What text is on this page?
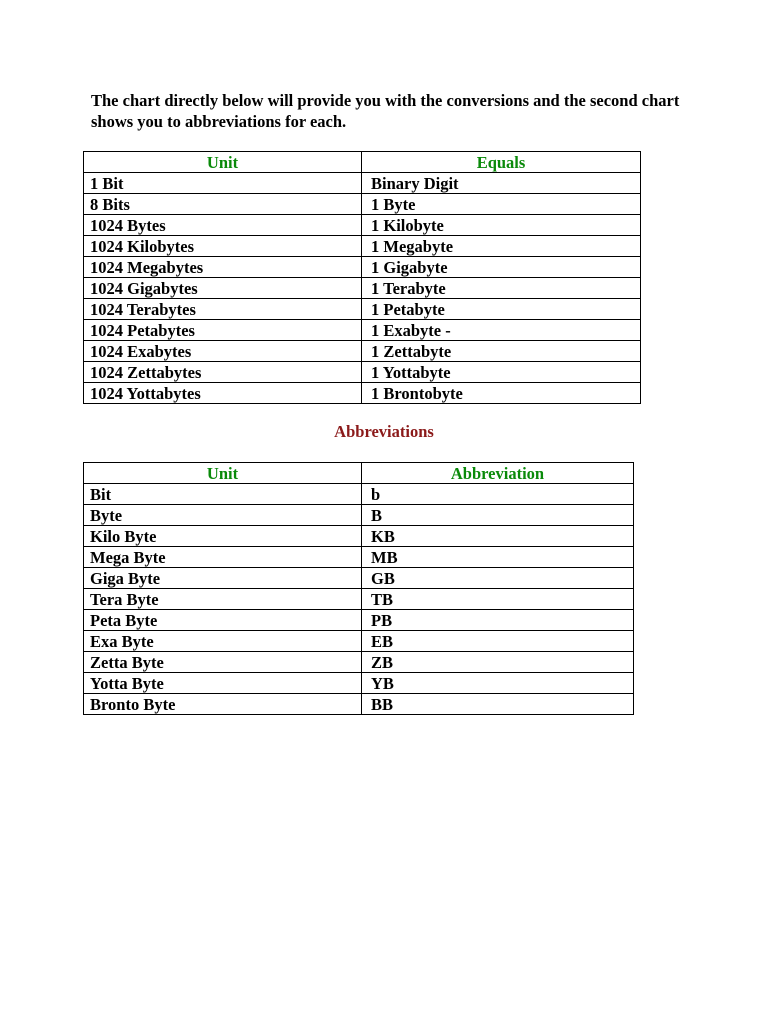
The chart directly below will provide you with the conversions and the second chart shows you to abbreviations for each.

Unit	Equals
1 Bit	Binary Digit
8 Bits	1 Byte
1024 Bytes	1 Kilobyte
1024 Kilobytes	1 Megabyte
1024 Megabytes	1 Gigabyte
1024 Gigabytes	1 Terabyte
1024 Terabytes	1 Petabyte
1024 Petabytes	1 Exabyte -
1024 Exabytes	1 Zettabyte
1024 Zettabytes	1 Yottabyte
1024 Yottabytes	1 Brontobyte

Abbreviations

Unit	Abbreviation
Bit	b
Byte	B
Kilo Byte	KB
Mega Byte	MB
Giga Byte	GB
Tera Byte	TB
Peta Byte	PB
Exa Byte	EB
Zetta Byte	ZB
Yotta Byte	YB
Bronto Byte	BB
